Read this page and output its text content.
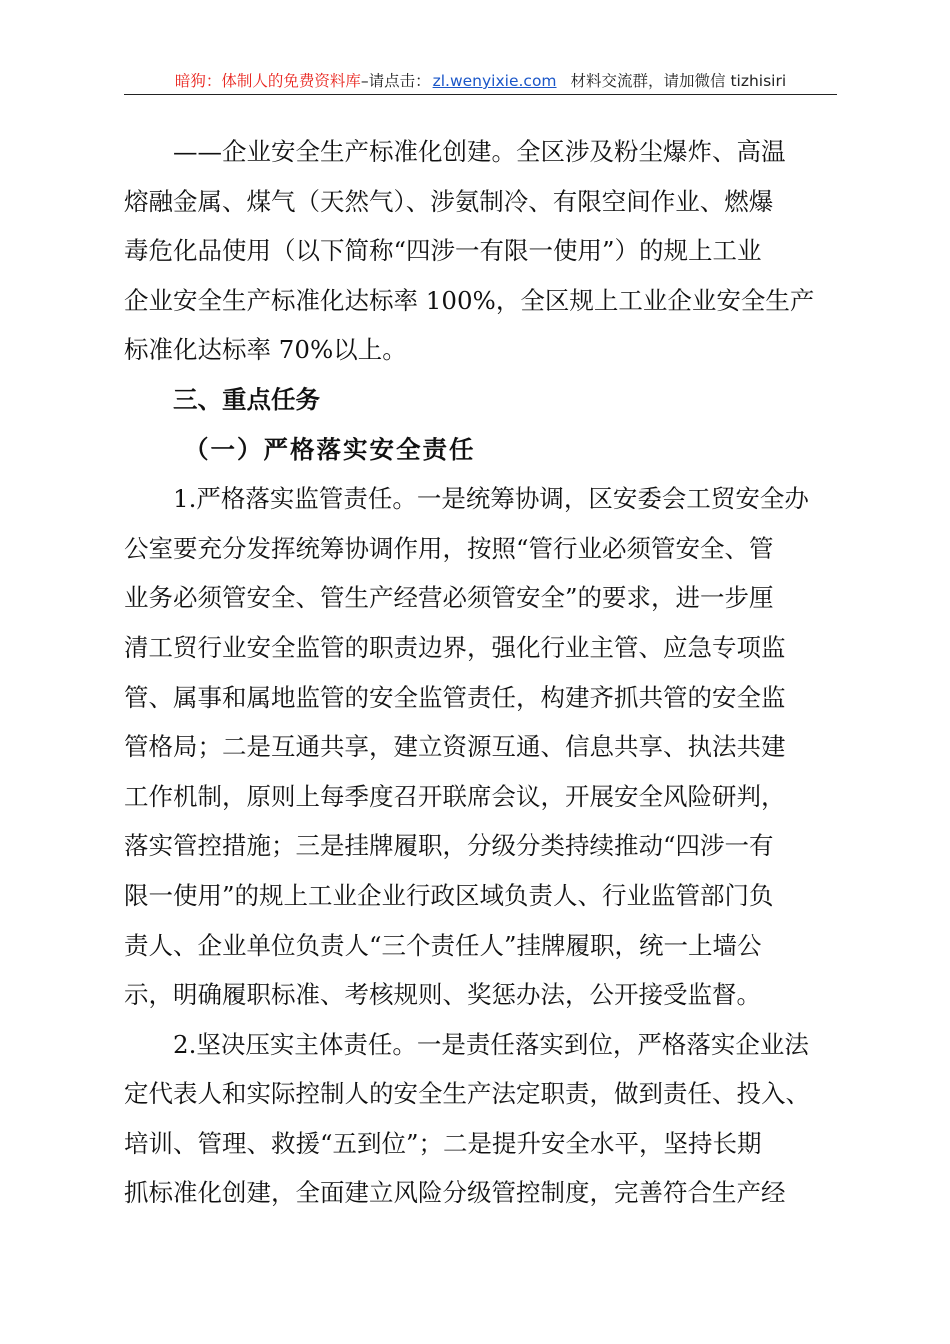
暗狗：体制人的免费资料库–请点击： zl.wenyixie.com 材料交流群，请加微信 tizhisiri
——企业安全生产标准化创建。全区涉及粉尘爆炸、高温
熔融金属、煤气（天然气）、涉氨制冷、有限空间作业、燃爆
毒危化品使用（以下简称“四涉一有限一使用”）的规上工业
企业安全生产标准化达标率 100%，全区规上工业企业安全生产
标准化达标率 70%以上。
三、重点任务
（一）严格落实安全责任
1.严格落实监管责任。一是统筹协调，区安委会工贸安全办
公室要充分发挥统筹协调作用，按照“管行业必须管安全、管
业务必须管安全、管生产经营必须管安全”的要求，进一步厘
清工贸行业安全监管的职责边界，强化行业主管、应急专项监
管、属事和属地监管的安全监管责任，构建齐抓共管的安全监
管格局；二是互通共享，建立资源互通、信息共享、执法共建
工作机制，原则上每季度召开联席会议，开展安全风险研判，
落实管控措施；三是挂牌履职，分级分类持续推动“四涉一有
限一使用”的规上工业企业行政区域负责人、行业监管部门负
责人、企业单位负责人“三个责任人”挂牌履职，统一上墙公
示，明确履职标准、考核规则、奖惩办法，公开接受监督。
2.坚决压实主体责任。一是责任落实到位，严格落实企业法
定代表人和实际控制人的安全生产法定职责，做到责任、投入、
培训、管理、救援“五到位”；二是提升安全水平，坚持长期
抓标准化创建，全面建立风险分级管控制度，完善符合生产经
